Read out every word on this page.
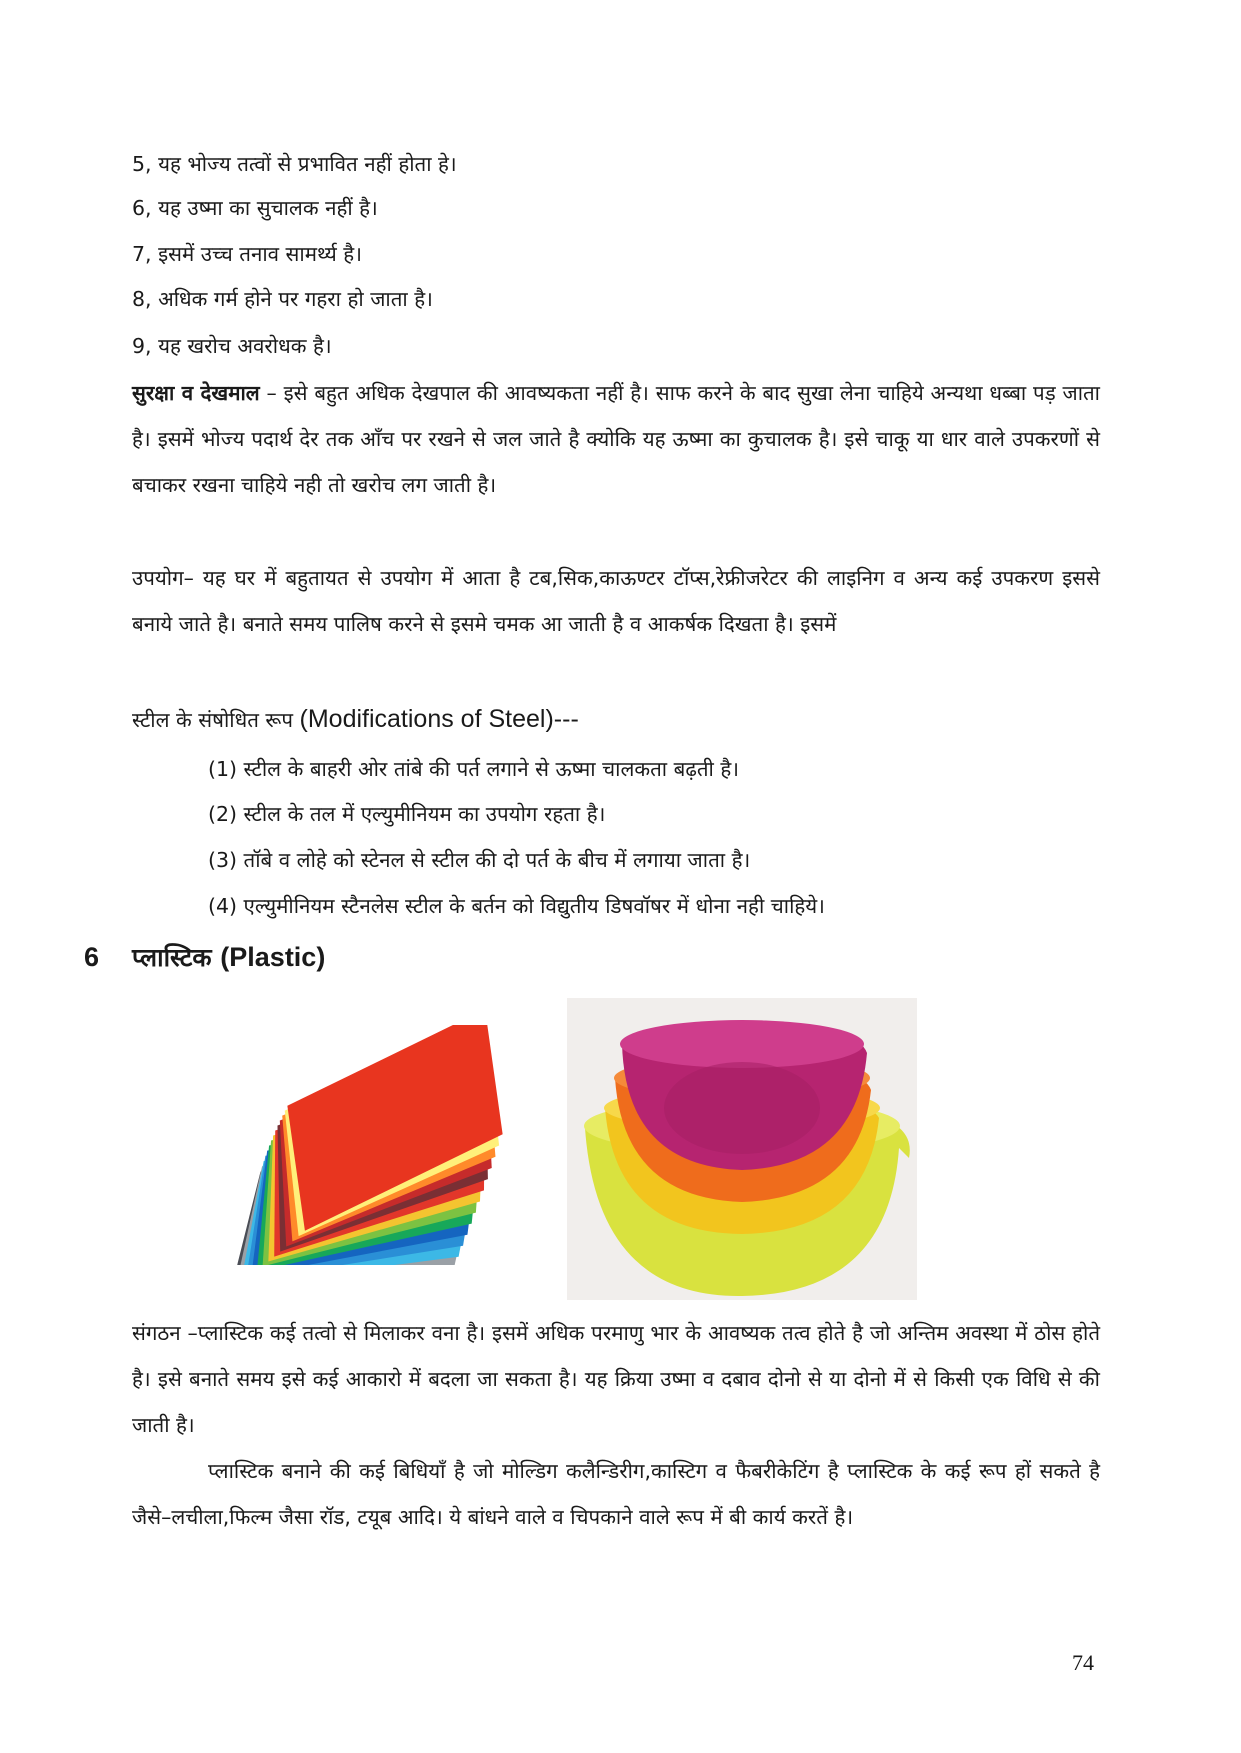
5, यह भोज्य तत्वों से प्रभावित नहीं होता हे।
6, यह उष्मा का सुचालक नहीं है।
7, इसमें उच्च तनाव सामर्थ्य है।
8, अधिक गर्म होने पर गहरा हो जाता है।
9, यह खरोच अवरोधक है।
सुरक्षा व देखमाल – इसे बहुत अधिक देखपाल की आवष्यकता नहीं है। साफ करने के बाद सुखा लेना चाहिये अन्यथा धब्बा पड़ जाता है। इसमें भोज्य पदार्थ देर तक आँच पर रखने से जल जाते है क्योकि यह ऊष्मा का कुचालक है। इसे चाकू या धार वाले उपकरणों से बचाकर रखना चाहिये नही तो खरोच लग जाती है।
उपयोग– यह घर में बहुतायत से उपयोग में आता है टब,सिक,काऊण्टर टॉप्स,रेफ्रीजरेटर की लाइनिग व अन्य कई उपकरण इससे बनाये जाते है। बनाते समय पालिष करने से इसमे चमक आ जाती है व आकर्षक दिखता है। इसमें
स्टील के संषोधित रूप (Modifications of Steel)---
(1) स्टील के बाहरी ओर तांबे की पर्त लगाने से ऊष्मा चालकता बढ़ती है।
(2) स्टील के तल में एल्युमीनियम का उपयोग रहता है।
(3) तॉबे व लोहे को स्टेनल से स्टील की दो पर्त के बीच में लगाया जाता है।
(4) एल्युमीनियम स्टैनलेस स्टील के बर्तन को विद्युतीय डिषवॉषर में धोना नही चाहिये।
6 प्लास्टिक (Plastic)
संगठन –प्लास्टिक कई तत्वो से मिलाकर वना है। इसमें अधिक परमाणु भार के आवष्यक तत्व होते है जो अन्तिम अवस्था में ठोस होते है। इसे बनाते समय इसे कई आकारो में बदला जा सकता है। यह क्रिया उष्मा व दबाव दोनो से या दोनो में से किसी एक विधि से की जाती है।
प्लास्टिक बनाने की कई बिधियॉं है जो मोल्डिग कलैन्डिरीग,कास्टिग व फैबरीकेटिंग है प्लास्टिक के कई रूप हों सकते है जैसे–लचीला,फिल्म जैसा रॉड, टयूब आदि। ये बांधने वाले व चिपकाने वाले रूप में बी कार्य करतें है।
74
